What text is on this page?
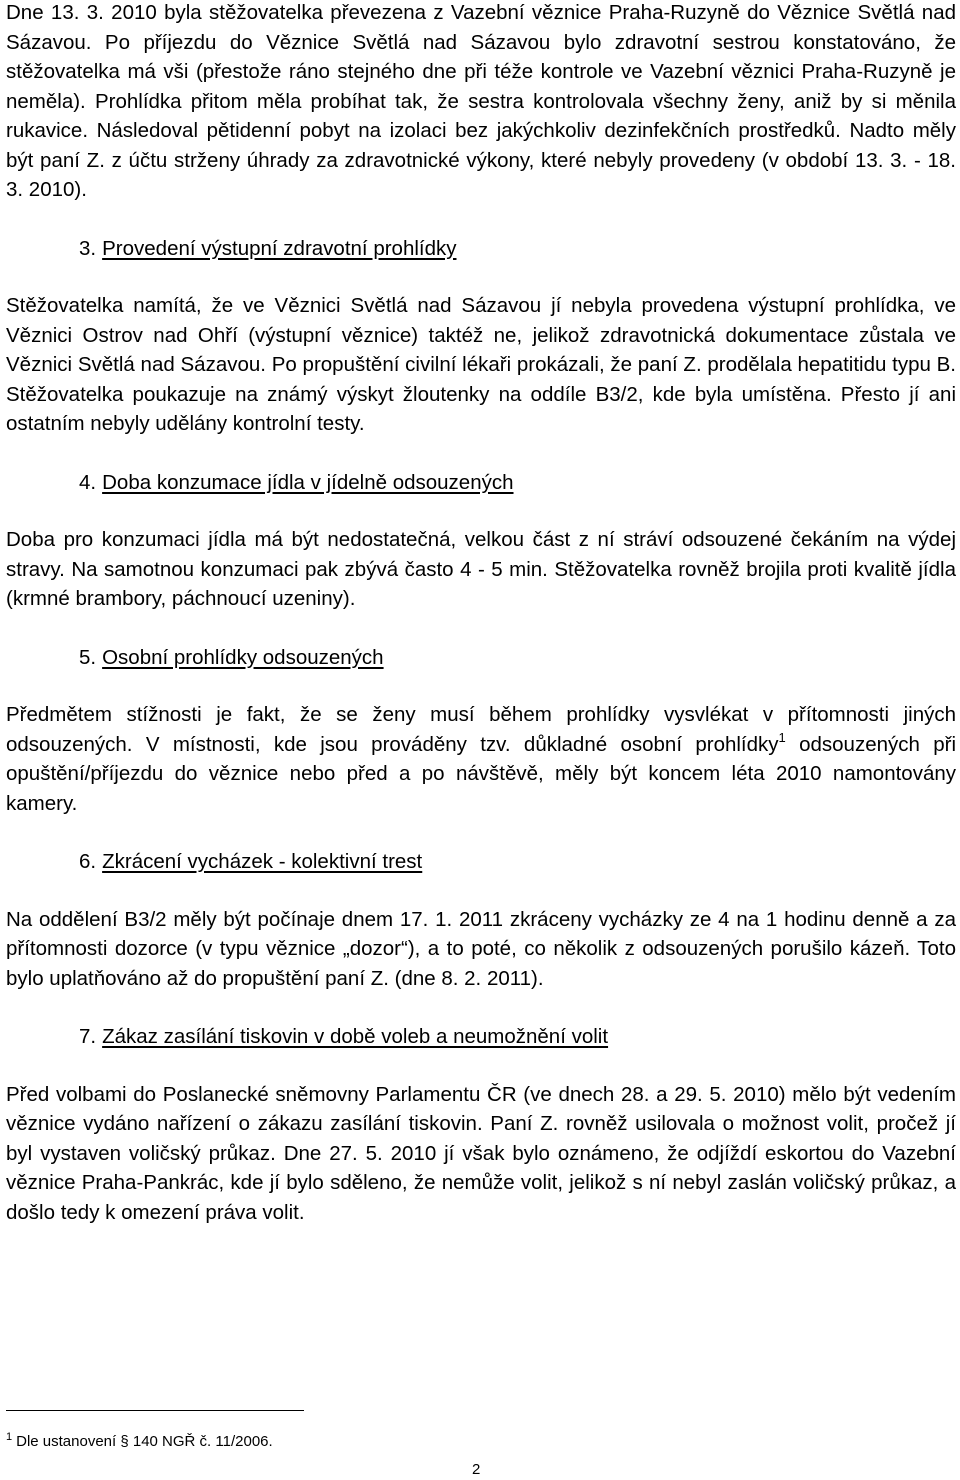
Dne 13. 3. 2010 byla stěžovatelka převezena z Vazební věznice Praha-Ruzyně do Věznice Světlá nad Sázavou. Po příjezdu do Věznice Světlá nad Sázavou bylo zdravotní sestrou konstatováno, že stěžovatelka má vši (přestože ráno stejného dne při téže kontrole ve Vazební věznici Praha-Ruzyně je neměla). Prohlídka přitom měla probíhat tak, že sestra kontrolovala všechny ženy, aniž by si měnila rukavice. Následoval pětidenní pobyt na izolaci bez jakýchkoliv dezinfekčních prostředků. Nadto měly být paní Z. z účtu strženy úhrady za zdravotnické výkony, které nebyly provedeny (v období 13. 3. - 18. 3. 2010).

3. Provedení výstupní zdravotní prohlídky

Stěžovatelka namítá, že ve Věznici Světlá nad Sázavou jí nebyla provedena výstupní prohlídka, ve Věznici Ostrov nad Ohří (výstupní věznice) taktéž ne, jelikož zdravotnická dokumentace zůstala ve Věznici Světlá nad Sázavou. Po propuštění civilní lékaři prokázali, že paní Z. prodělala hepatitidu typu B. Stěžovatelka poukazuje na známý výskyt žloutenky na oddíle B3/2, kde byla umístěna. Přesto jí ani ostatním nebyly udělány kontrolní testy.

4. Doba konzumace jídla v jídelně odsouzených

Doba pro konzumaci jídla má být nedostatečná, velkou část z ní stráví odsouzené čekáním na výdej stravy. Na samotnou konzumaci pak zbývá často 4 - 5 min. Stěžovatelka rovněž brojila proti kvalitě jídla (krmné brambory, páchnoucí uzeniny).

5. Osobní prohlídky odsouzených

Předmětem stížnosti je fakt, že se ženy musí během prohlídky vysvlékat v přítomnosti jiných odsouzených. V místnosti, kde jsou prováděny tzv. důkladné osobní prohlídky$^1$ odsouzených při opuštění/příjezdu do věznice nebo před a po návštěvě, měly být koncem léta 2010 namontovány kamery.

6. Zkrácení vycházek - kolektivní trest

Na oddělení B3/2 měly být počínaje dnem 17. 1. 2011 zkráceny vycházky ze 4 na 1 hodinu denně a za přítomnosti dozorce (v typu věznice „dozor“), a to poté, co několik z odsouzených porušilo kázeň. Toto bylo uplatňováno až do propuštění paní Z. (dne 8. 2. 2011).

7. Zákaz zasílání tiskovin v době voleb a neumožnění volit

Před volbami do Poslanecké sněmovny Parlamentu ČR (ve dnech 28. a 29. 5. 2010) mělo být vedením věznice vydáno nařízení o zákazu zasílání tiskovin. Paní Z. rovněž usilovala o možnost volit, pročež jí byl vystaven voličský průkaz. Dne 27. 5. 2010 jí však bylo oznámeno, že odjíždí eskortou do Vazební věznice Praha-Pankrác, kde jí bylo sděleno, že nemůže volit, jelikož s ní nebyl zaslán voličský průkaz, a došlo tedy k omezení práva volit.

$^1$ Dle ustanovení § 140 NGŘ č. 11/2006.
2
